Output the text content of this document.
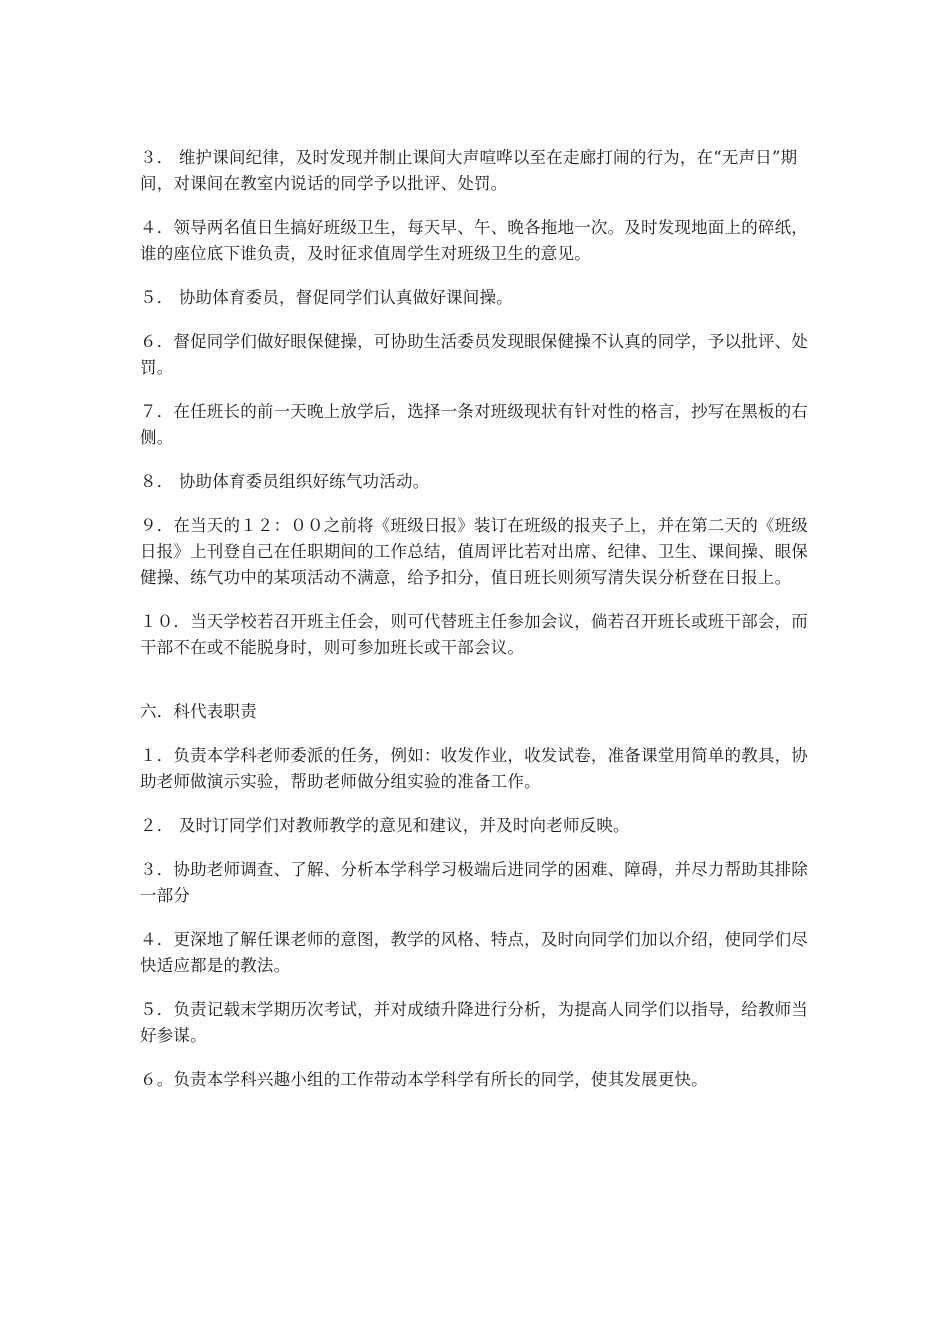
３． 维护课间纪律，及时发现并制止课间大声喧哗以至在走廊打闹的行为，在“无声日”期间，对课间在教室内说话的同学予以批评、处罚。

４．领导两名值日生搞好班级卫生，每天早、午、晚各拖地一次。及时发现地面上的碎纸，谁的座位底下谁负责，及时征求值周学生对班级卫生的意见。

５． 协助体育委员，督促同学们认真做好课间操。

６．督促同学们做好眼保健操，可协助生活委员发现眼保健操不认真的同学，予以批评、处罚。

７．在任班长的前一天晚上放学后，选择一条对班级现状有针对性的格言，抄写在黑板的右侧。

８． 协助体育委员组织好练气功活动。

９．在当天的１２：００之前将《班级日报》装订在班级的报夹子上，并在第二天的《班级日报》上刊登自己在任职期间的工作总结，值周评比若对出席、纪律、卫生、课间操、眼保健操、练气功中的某项活动不满意，给予扣分，值日班长则须写清失误分析登在日报上。

１０．当天学校若召开班主任会，则可代替班主任参加会议，倘若召开班长或班干部会，而干部不在或不能脱身时，则可参加班长或干部会议。

六．科代表职责

１．负责本学科老师委派的任务，例如：收发作业，收发试卷，准备课堂用简单的教具，协助老师做演示实验，帮助老师做分组实验的准备工作。

２． 及时订同学们对教师教学的意见和建议，并及时向老师反映。

３．协助老师调查、了解、分析本学科学习极端后进同学的困难、障碍，并尽力帮助其排除一部分

４．更深地了解任课老师的意图，教学的风格、特点，及时向同学们加以介绍，使同学们尽快适应都是的教法。

５．负责记载末学期历次考试，并对成绩升降进行分析，为提高人同学们以指导，给教师当好参谋。

６。负责本学科兴趣小组的工作带动本学科学有所长的同学，使其发展更快。
